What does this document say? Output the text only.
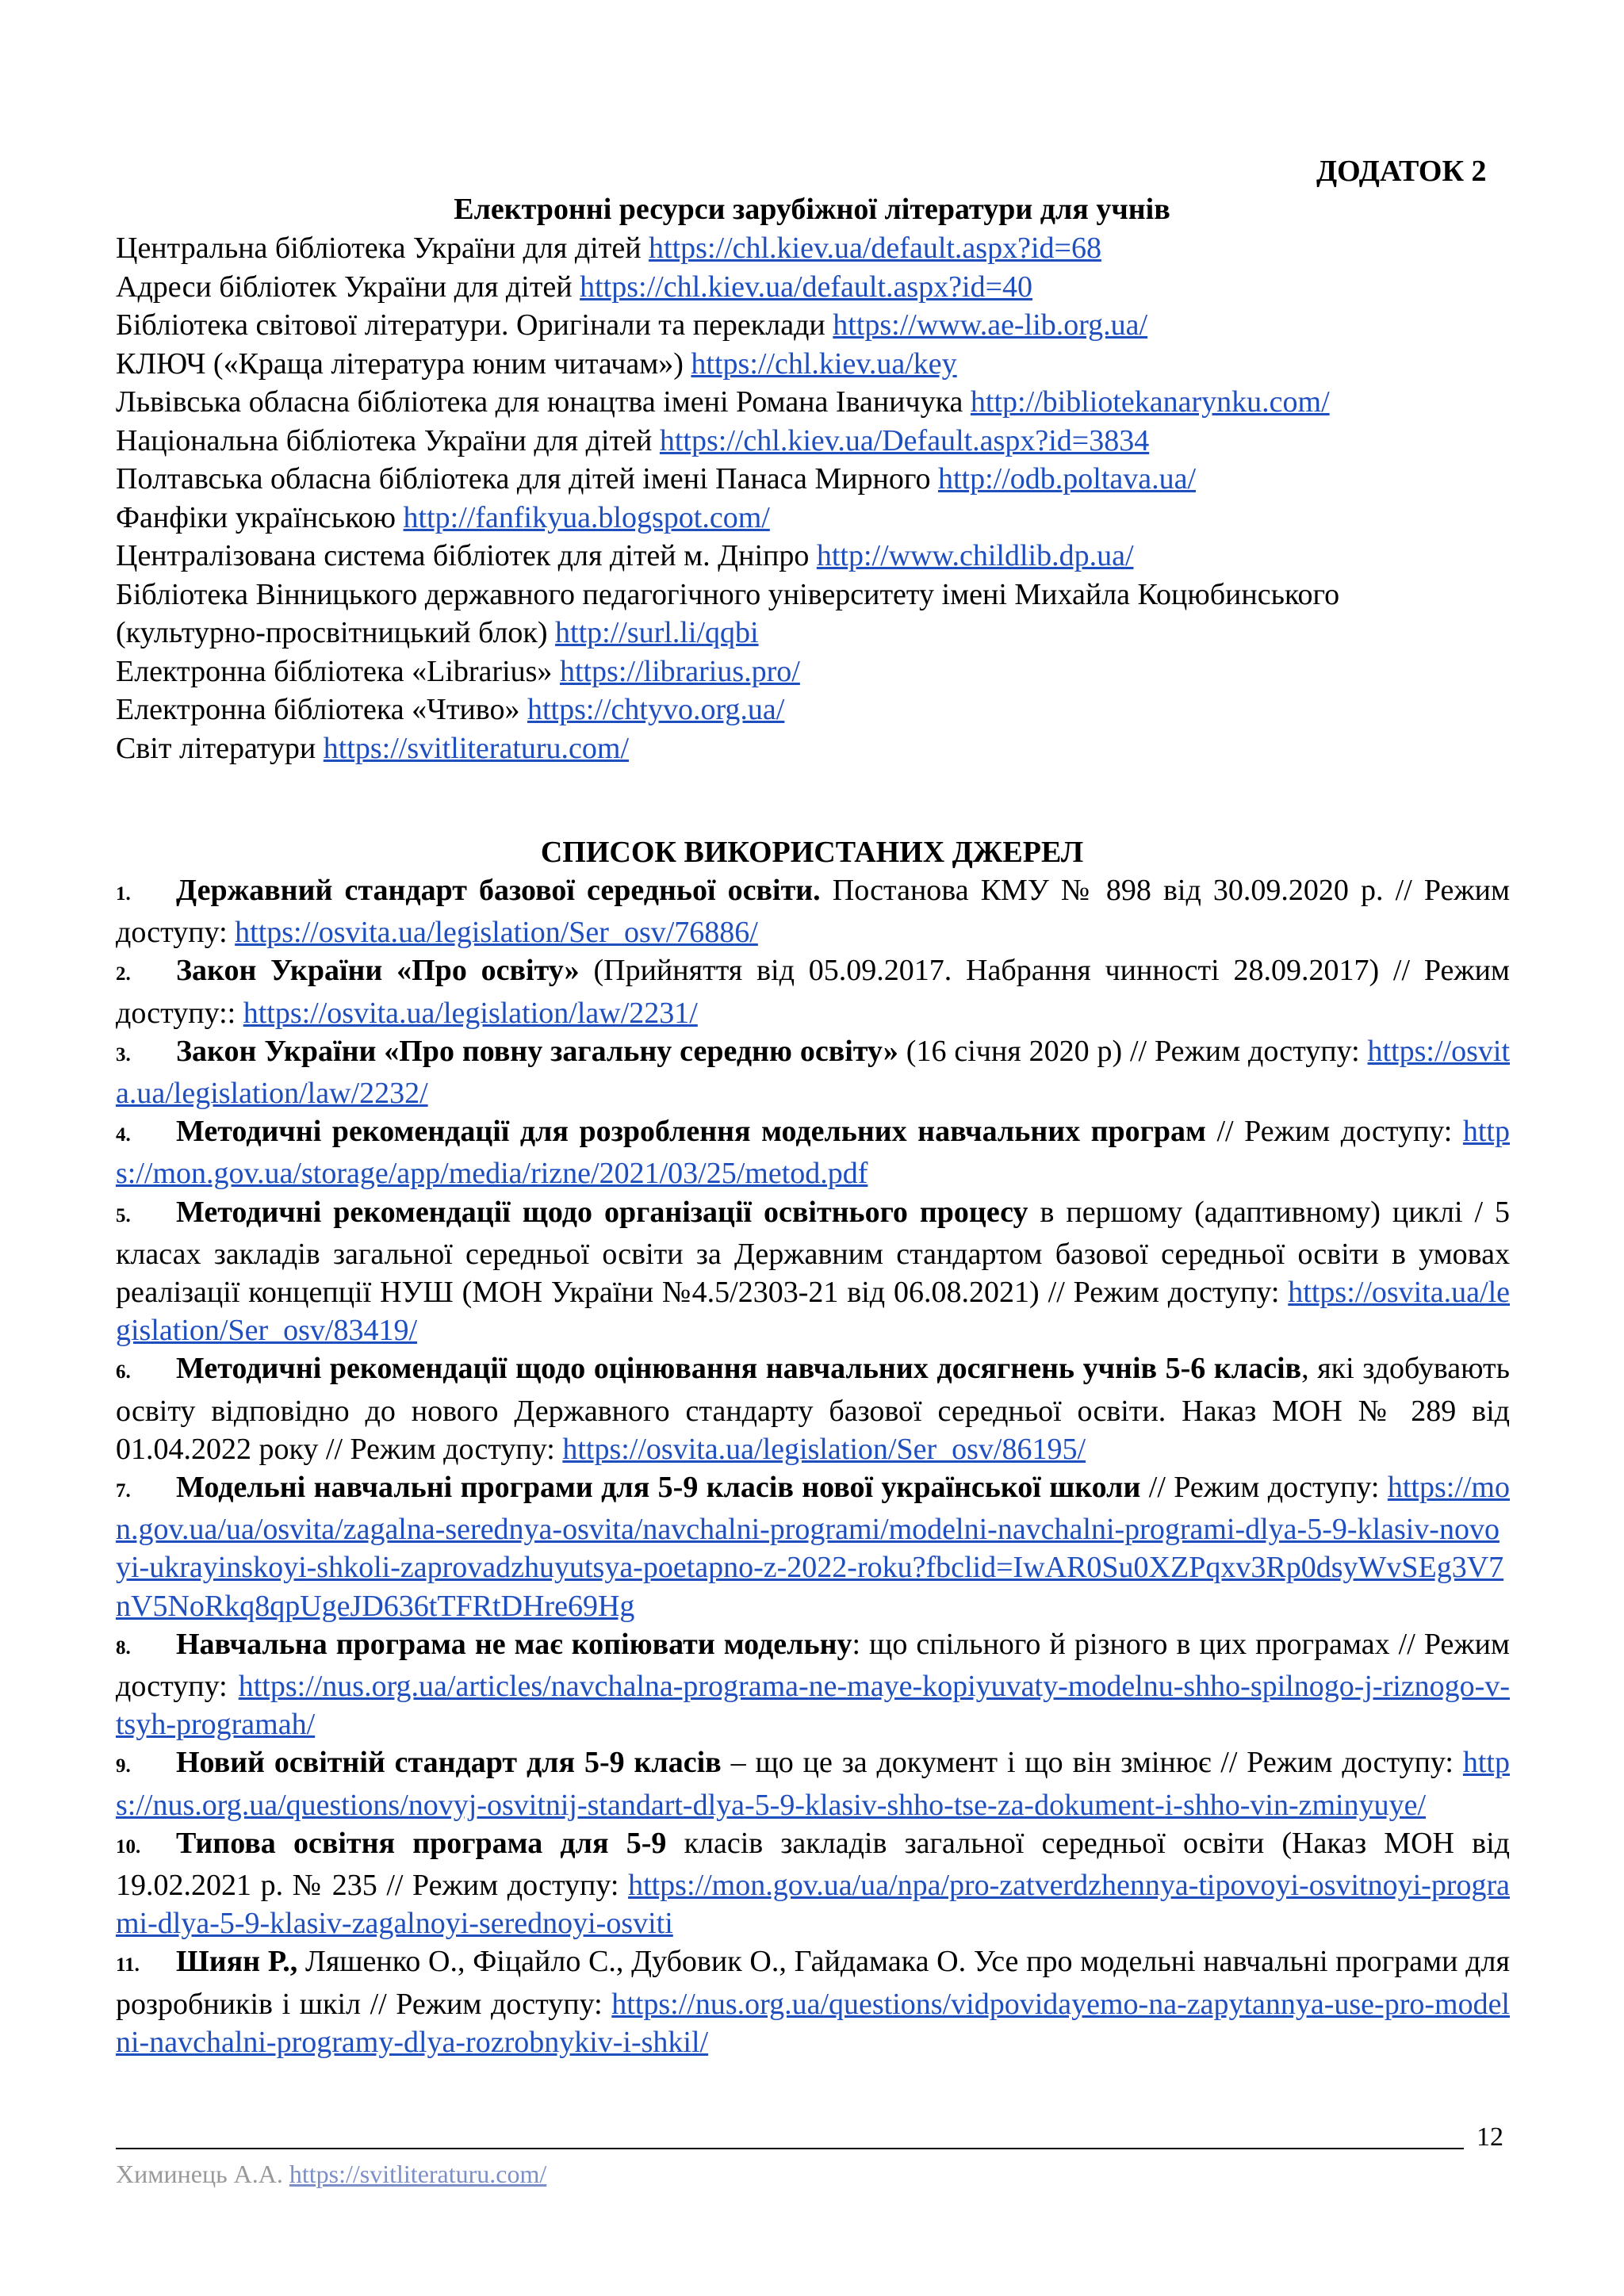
ДОДАТОК 2
Електронні ресурси зарубіжної літератури для учнів
Центральна бібліотека України для дітей https://chl.kiev.ua/default.aspx?id=68
Адреси бібліотек України для дітей https://chl.kiev.ua/default.aspx?id=40
Бібліотека світової літератури. Оригінали та переклади https://www.ae-lib.org.ua/
КЛЮЧ («Краща література юним читачам») https://chl.kiev.ua/key
Львівська обласна бібліотека для юнацтва імені Романа Іваничука http://bibliotekanarynku.com/
Національна бібліотека України для дітей https://chl.kiev.ua/Default.aspx?id=3834
Полтавська обласна бібліотека для дітей імені Панаса Мирного http://odb.poltava.ua/
Фанфіки українською http://fanfikyua.blogspot.com/
Централізована система бібліотек для дітей м. Дніпро http://www.childlib.dp.ua/
Бібліотека Вінницького державного педагогічного університету імені Михайла Коцюбинського
(культурно-просвітницький блок) http://surl.li/qqbi
Електронна бібліотека «Librarius» https://librarius.pro/
Електронна бібліотека «Чтиво» https://chtyvo.org.ua/
Світ літератури https://svitliteraturu.com/
СПИСОК ВИКОРИСТАНИХ ДЖЕРЕЛ
1. Державний стандарт базової середньої освіти. Постанова КМУ № 898 від 30.09.2020 р. // Режим доступу: https://osvita.ua/legislation/Ser_osv/76886/
2. Закон України «Про освіту» (Прийняття від 05.09.2017. Набрання чинності 28.09.2017) // Режим доступу:: https://osvita.ua/legislation/law/2231/
3. Закон України «Про повну загальну середню освіту» (16 січня 2020 р) // Режим доступу: https://osvita.ua/legislation/law/2232/
4. Методичні рекомендації для розроблення модельних навчальних програм // Режим доступу: https://mon.gov.ua/storage/app/media/rizne/2021/03/25/metod.pdf
5. Методичні рекомендації щодо організації освітнього процесу в першому (адаптивному) циклі / 5 класах закладів загальної середньої освіти за Державним стандартом базової середньої освіти в умовах реалізації концепції НУШ (МОН України №4.5/2303-21 від 06.08.2021) // Режим доступу: https://osvita.ua/legislation/Ser_osv/83419/
6. Методичні рекомендації щодо оцінювання навчальних досягнень учнів 5-6 класів, які здобувають освіту відповідно до нового Державного стандарту базової середньої освіти. Наказ МОН № 289 від 01.04.2022 року // Режим доступу: https://osvita.ua/legislation/Ser_osv/86195/
7. Модельні навчальні програми для 5-9 класів нової української школи // Режим доступу: https://mon.gov.ua/ua/osvita/zagalna-serednya-osvita/navchalni-programi/modelni-navchalni-programi-dlya-5-9-klasiv-novoyi-ukrayinskoyi-shkoli-zaprovadzhuyutsya-poetapno-z-2022-roku?fbclid=IwAR0Su0XZPqxv3Rp0dsyWvSEg3V7nV5NoRkq8qpUgeJD636tTFRtDHre69Hg
8. Навчальна програма не має копіювати модельну: що спільного й різного в цих програмах // Режим доступу: https://nus.org.ua/articles/navchalna-programa-ne-maye-kopiyuvaty-modelnu-shho-spilnogo-j-riznogo-v-tsyh-programah/
9. Новий освітній стандарт для 5-9 класів – що це за документ і що він змінює // Режим доступу: https://nus.org.ua/questions/novyj-osvitnij-standart-dlya-5-9-klasiv-shho-tse-za-dokument-i-shho-vin-zminyuye/
10. Типова освітня програма для 5-9 класів закладів загальної середньої освіти (Наказ МОН від 19.02.2021 р. № 235 // Режим доступу: https://mon.gov.ua/ua/npa/pro-zatverdzhennya-tipovoyi-osvitnoyi-programi-dlya-5-9-klasiv-zagalnoyi-serednoyi-osviti
11. Шиян Р., Ляшенко О., Фіцайло С., Дубовик О., Гайдамака О. Усе про модельні навчальні програми для розробників і шкіл // Режим доступу: https://nus.org.ua/questions/vidpovidayemo-na-zapytannya-use-pro-modelni-navchalni-programy-dlya-rozrobnykiv-i-shkil/
12
Химинець А.А. https://svitliteraturu.com/
